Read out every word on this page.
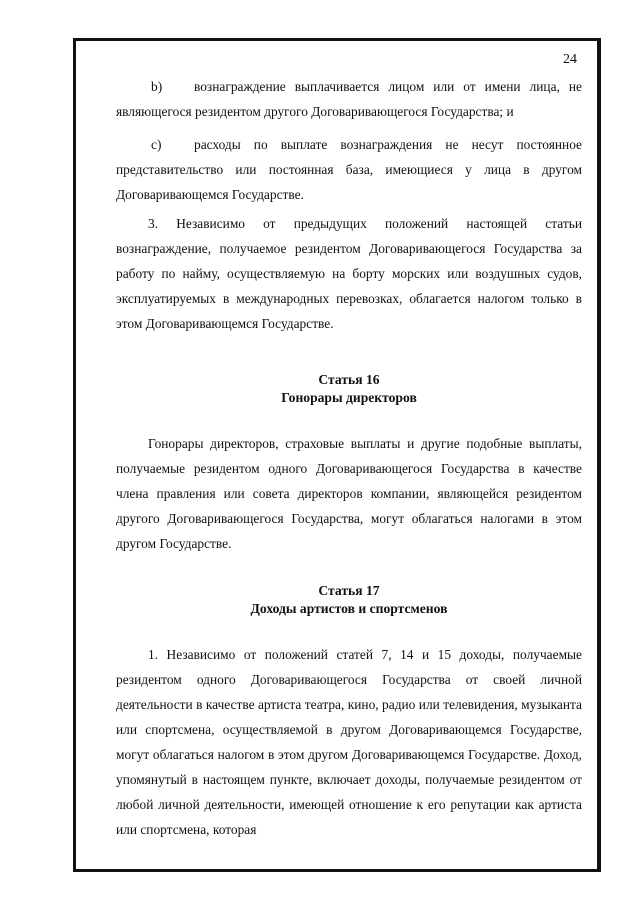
24

b) вознаграждение выплачивается лицом или от имени лица, не являющегося резидентом другого Договаривающегося Государства; и

c) расходы по выплате вознаграждения не несут постоянное представительство или постоянная база, имеющиеся у лица в другом Договаривающемся Государстве.

3. Независимо от предыдущих положений настоящей статьи вознаграждение, получаемое резидентом Договаривающегося Государства за работу по найму, осуществляемую на борту морских или воздушных судов, эксплуатируемых в международных перевозках, облагается налогом только в этом Договаривающемся Государстве.

Статья 16
Гонорары директоров

Гонорары директоров, страховые выплаты и другие подобные выплаты, получаемые резидентом одного Договаривающегося Государства в качестве члена правления или совета директоров компании, являющейся резидентом другого Договаривающегося Государства, могут облагаться налогами в этом другом Государстве.

Статья 17
Доходы артистов и спортсменов

1. Независимо от положений статей 7, 14 и 15 доходы, получаемые резидентом одного Договаривающегося Государства от своей личной деятельности в качестве артиста театра, кино, радио или телевидения, музыканта или спортсмена, осуществляемой в другом Договаривающемся Государстве, могут облагаться налогом в этом другом Договаривающемся Государстве. Доход, упомянутый в настоящем пункте, включает доходы, получаемые резидентом от любой личной деятельности, имеющей отношение к его репутации как артиста или спортсмена, которая
